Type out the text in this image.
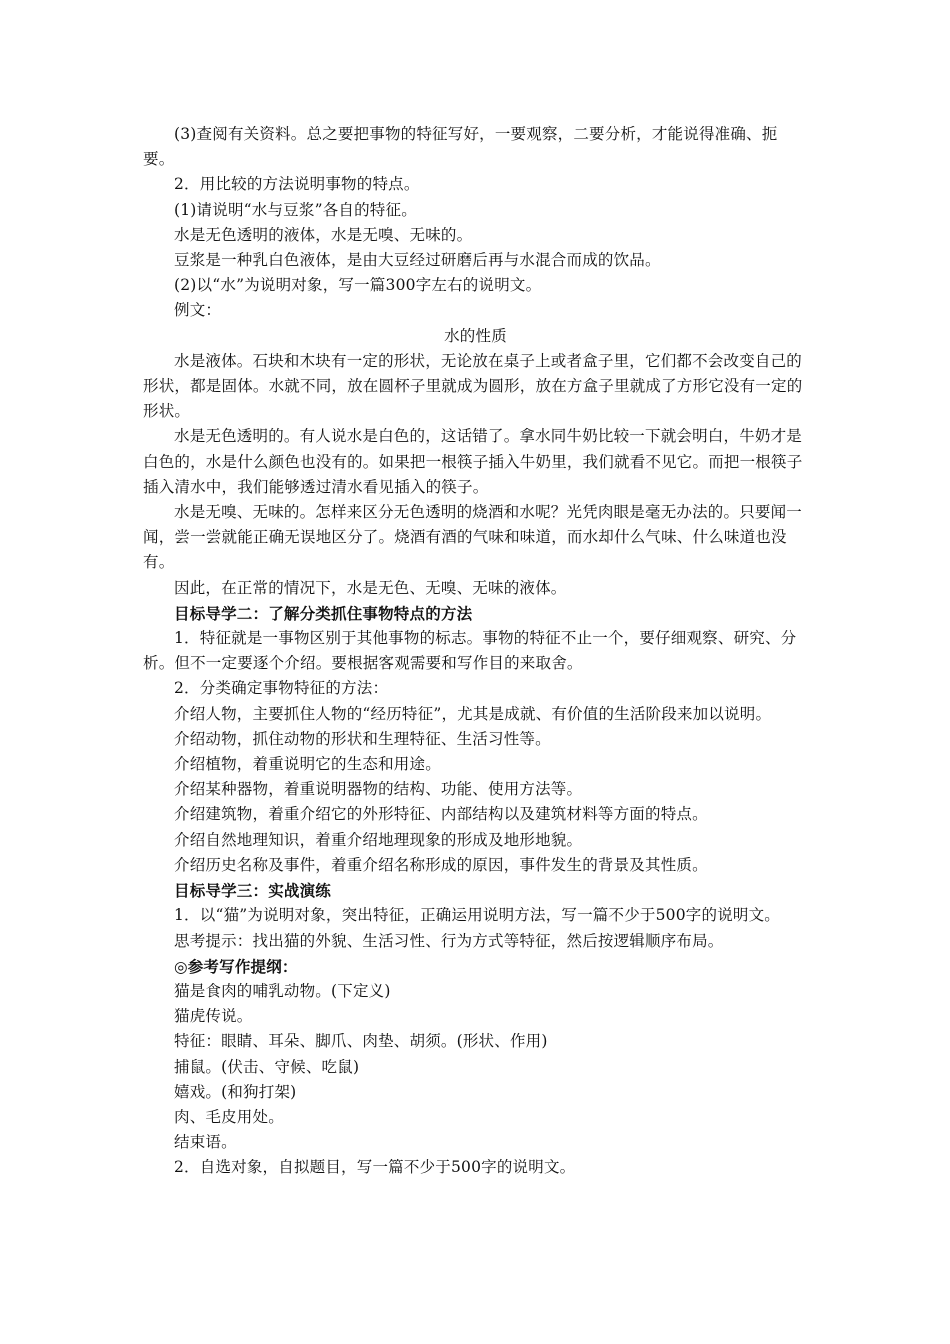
(3)查阅有关资料。总之要把事物的特征写好，一要观察，二要分析，才能说得准确、扼要。

2．用比较的方法说明事物的特点。

(1)请说明“水与豆浆”各自的特征。

水是无色透明的液体，水是无嗅、无味的。

豆浆是一种乳白色液体，是由大豆经过研磨后再与水混合而成的饮品。

(2)以“水”为说明对象，写一篇300字左右的说明文。

例文：

水的性质

水是液体。石块和木块有一定的形状，无论放在桌子上或者盒子里，它们都不会改变自己的形状，都是固体。水就不同，放在圆杯子里就成为圆形，放在方盒子里就成了方形它没有一定的形状。

水是无色透明的。有人说水是白色的，这话错了。拿水同牛奶比较一下就会明白，牛奶才是白色的，水是什么颜色也没有的。如果把一根筷子插入牛奶里，我们就看不见它。而把一根筷子插入清水中，我们能够透过清水看见插入的筷子。

水是无嗅、无味的。怎样来区分无色透明的烧酒和水呢？光凭肉眼是毫无办法的。只要闻一闻，尝一尝就能正确无误地区分了。烧酒有酒的气味和味道，而水却什么气味、什么味道也没有。

因此，在正常的情况下，水是无色、无嗅、无味的液体。

目标导学二：了解分类抓住事物特点的方法

1．特征就是一事物区别于其他事物的标志。事物的特征不止一个，要仔细观察、研究、分析。但不一定要逐个介绍。要根据客观需要和写作目的来取舍。

2．分类确定事物特征的方法：

介绍人物，主要抓住人物的“经历特征”，尤其是成就、有价值的生活阶段来加以说明。

介绍动物，抓住动物的形状和生理特征、生活习性等。

介绍植物，着重说明它的生态和用途。

介绍某种器物，着重说明器物的结构、功能、使用方法等。

介绍建筑物，着重介绍它的外形特征、内部结构以及建筑材料等方面的特点。

介绍自然地理知识，着重介绍地理现象的形成及地形地貌。

介绍历史名称及事件，着重介绍名称形成的原因，事件发生的背景及其性质。

目标导学三：实战演练

1．以“猫”为说明对象，突出特征，正确运用说明方法，写一篇不少于500字的说明文。

思考提示：找出猫的外貌、生活习性、行为方式等特征，然后按逻辑顺序布局。

◎参考写作提纲：

猫是食肉的哺乳动物。(下定义)

猫虎传说。

特征：眼睛、耳朵、脚爪、肉垫、胡须。(形状、作用)

捕鼠。(伏击、守候、吃鼠)

嬉戏。(和狗打架)

肉、毛皮用处。

结束语。

2．自选对象，自拟题目，写一篇不少于500字的说明文。
